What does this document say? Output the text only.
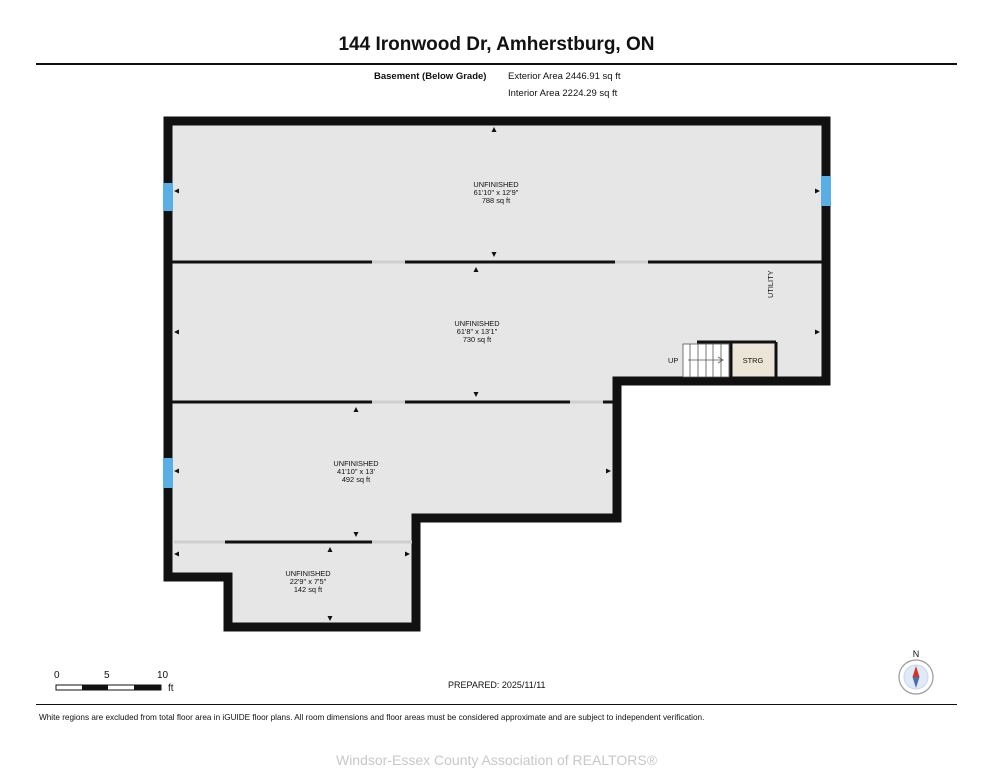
144 Ironwood Dr, Amherstburg, ON
Basement (Below Grade) Exterior Area 2446.91 sq ft
Interior Area 2224.29 sq ft
UNFINISHED
61'10" x 12'9"
788 sq ft
UNFINISHED
61'8" x 13'1"
730 sq ft
UNFINISHED
41'10" x 13'
492 sq ft
UNFINISHED
22'9" x 7'5"
142 sq ft
UTILITY
UP	STRG
N
0	5	10
ft	PREPARED: 2025/11/11
White regions are excluded from total floor area in iGUIDE floor plans. All room dimensions and floor areas must be considered approximate and are subject to independent verification.
Windsor-Essex County Association of REALTORS®
